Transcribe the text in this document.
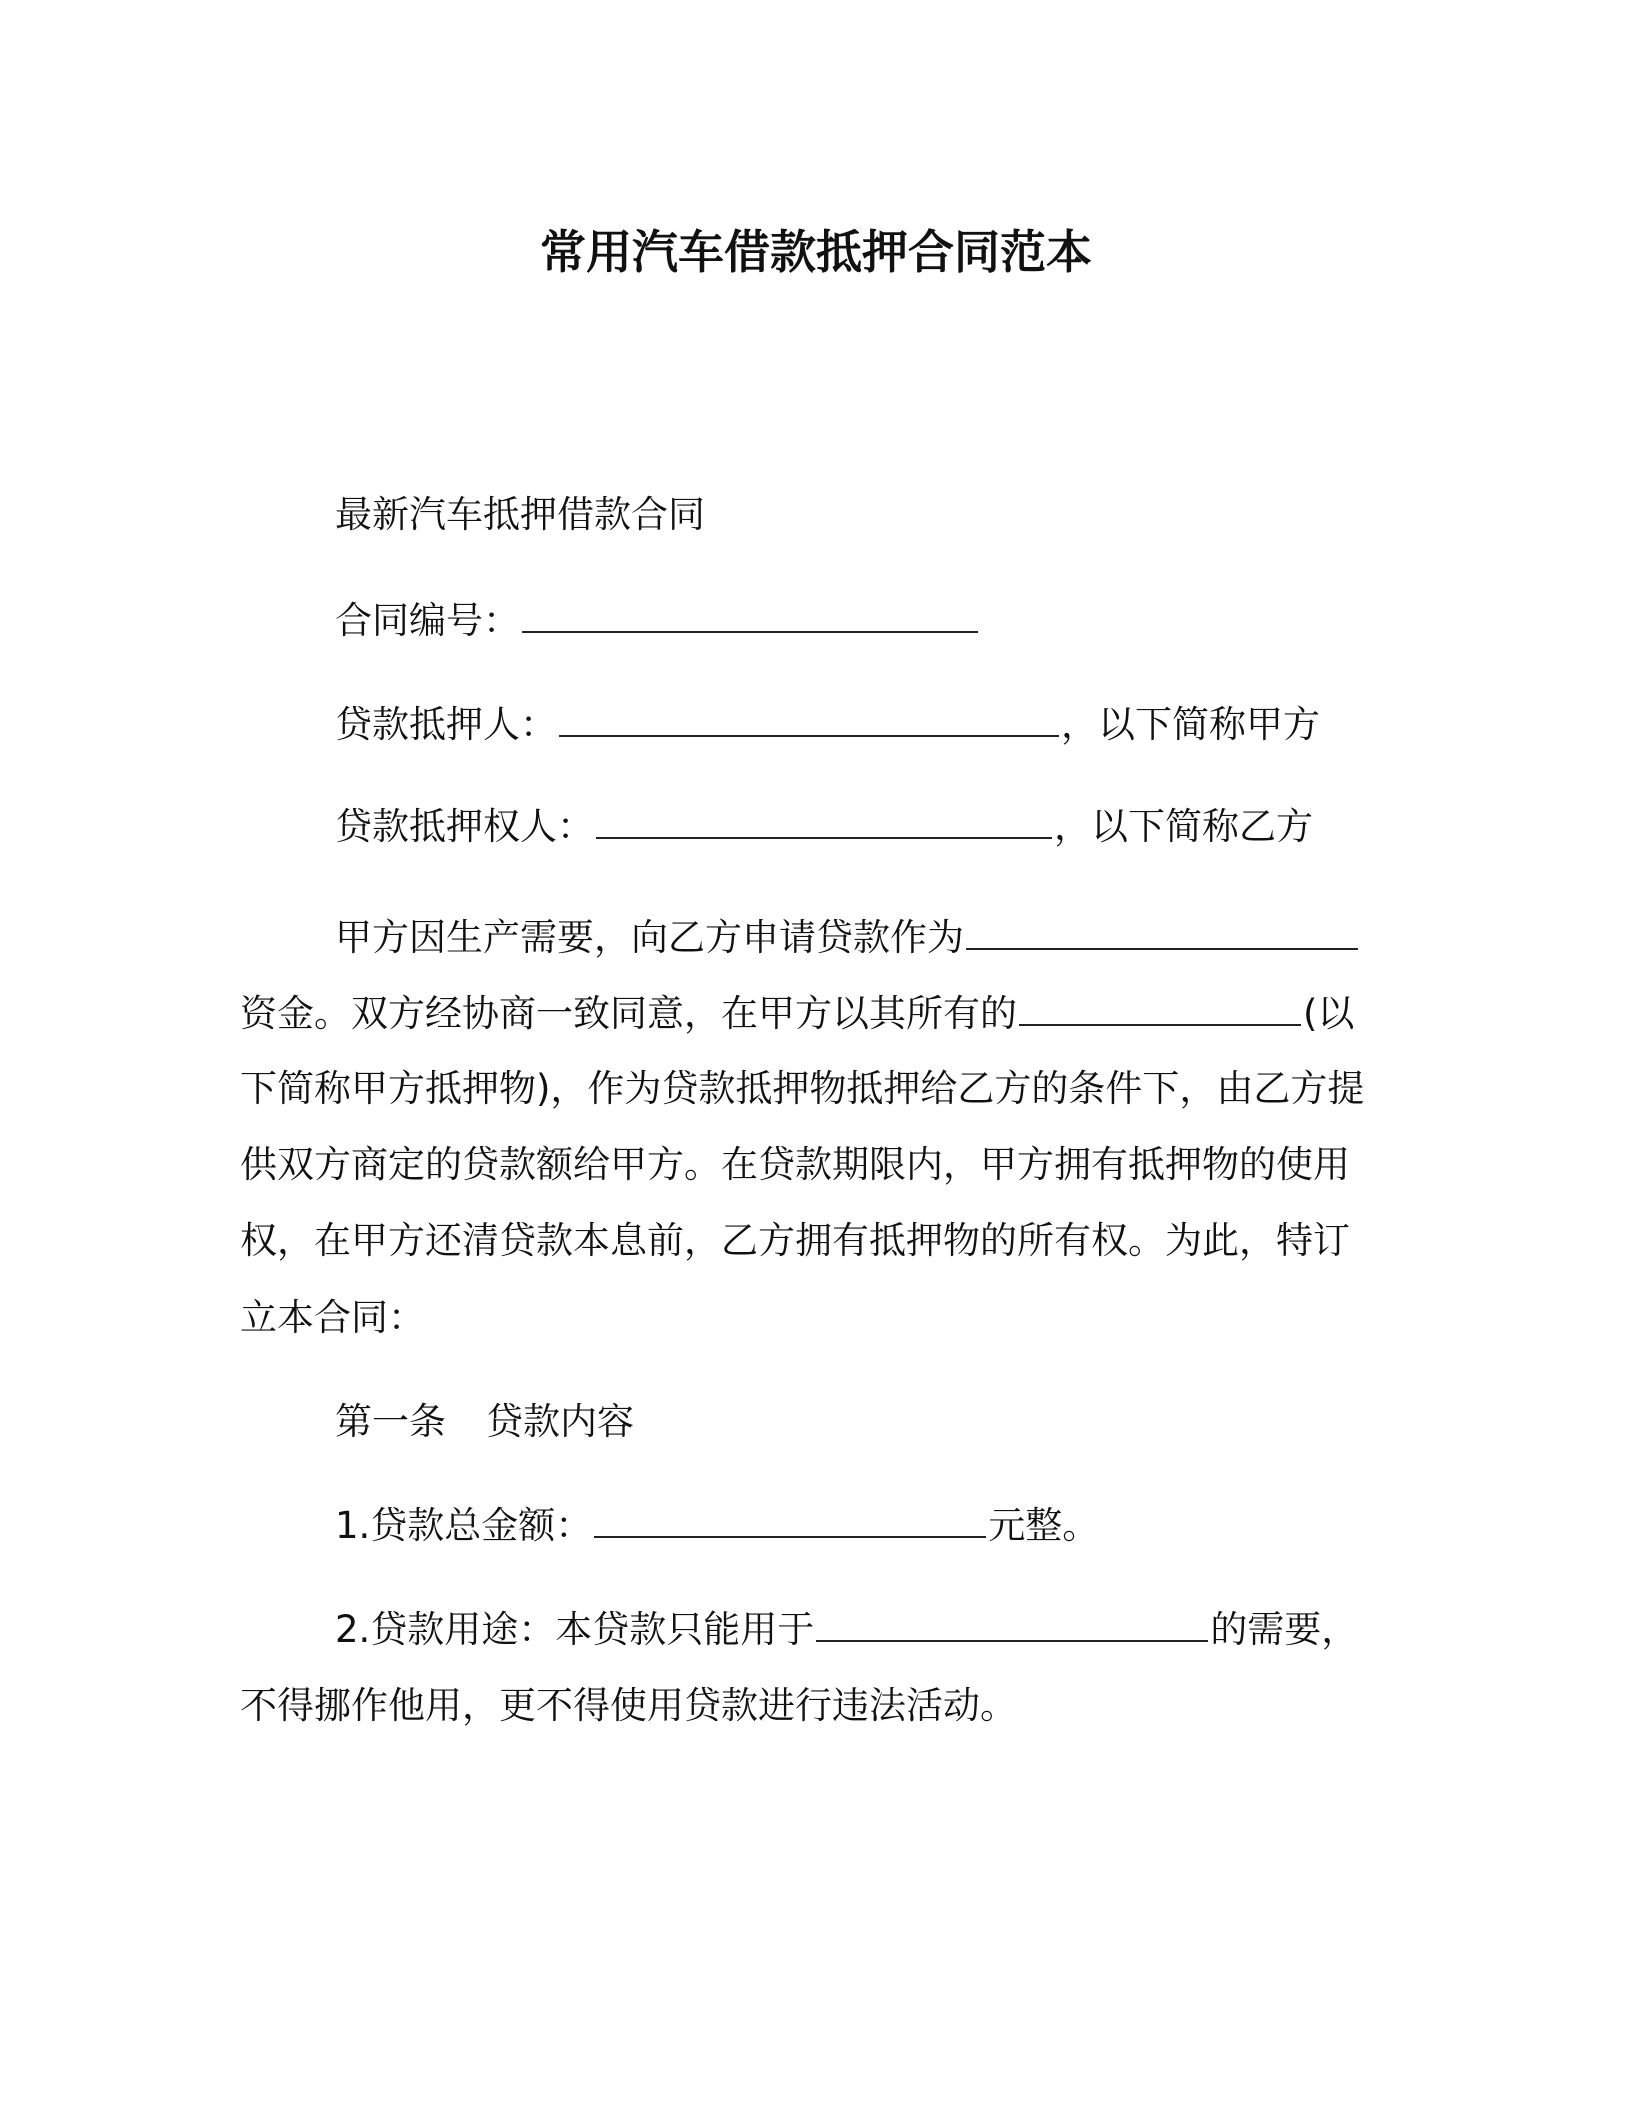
常用汽车借款抵押合同范本
最新汽车抵押借款合同
合同编号：
贷款抵押人：	，以下简称甲方
贷款抵押权人：	，以下简称乙方
甲方因生产需要，向乙方申请贷款作为
资金。双方经协商一致同意，在甲方以其所有的	(以
下简称甲方抵押物)，作为贷款抵押物抵押给乙方的条件下，由乙方提
供双方商定的贷款额给甲方。在贷款期限内，甲方拥有抵押物的使用
权，在甲方还清贷款本息前，乙方拥有抵押物的所有权。为此，特订
立本合同：
第一条 贷款内容
1.贷款总金额：	元整。
2.贷款用途：本贷款只能用于	的需要，
不得挪作他用，更不得使用贷款进行违法活动。
